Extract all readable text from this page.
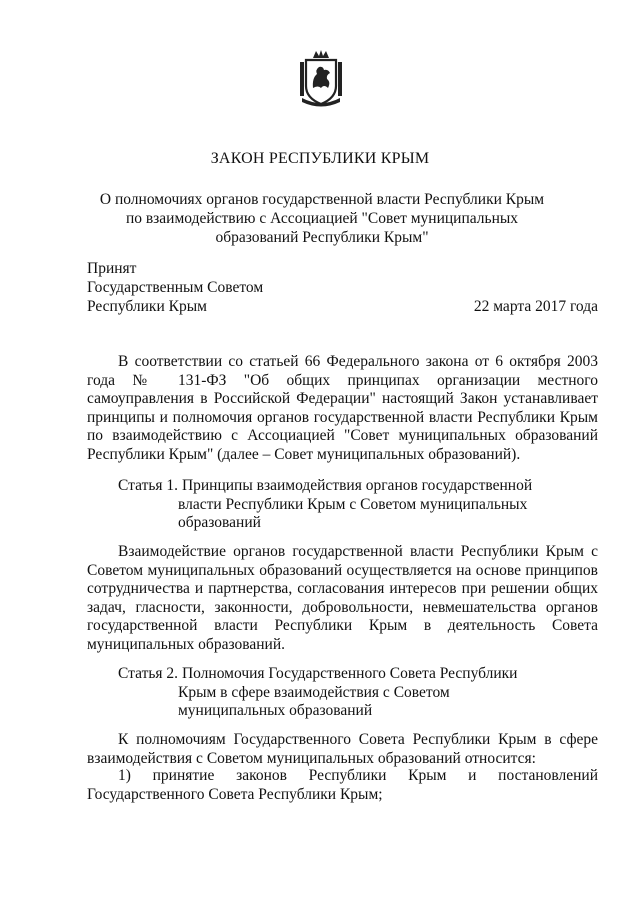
ЗАКОН РЕСПУБЛИКИ КРЫМ
О полномочиях органов государственной власти Республики Крым по взаимодействию с Ассоциацией "Совет муниципальных образований Республики Крым"
Принят
Государственным Советом
Республики Крым	22 марта 2017 года
В соответствии со статьей 66 Федерального закона от 6 октября 2003 года № 131-ФЗ "Об общих принципах организации местного самоуправления в Российской Федерации" настоящий Закон устанавливает принципы и полномочия органов государственной власти Республики Крым по взаимодействию с Ассоциацией "Совет муниципальных образований Республики Крым" (далее – Совет муниципальных образований).
Статья 1. Принципы взаимодействия органов государственной власти Республики Крым с Советом муниципальных образований
Взаимодействие органов государственной власти Республики Крым с Советом муниципальных образований осуществляется на основе принципов сотрудничества и партнерства, согласования интересов при решении общих задач, гласности, законности, добровольности, невмешательства органов государственной власти Республики Крым в деятельность Совета муниципальных образований.
Статья 2. Полномочия Государственного Совета Республики Крым в сфере взаимодействия с Советом муниципальных образований
К полномочиям Государственного Совета Республики Крым в сфере взаимодействия с Советом муниципальных образований относится:
1) принятие законов Республики Крым и постановлений Государственного Совета Республики Крым;
